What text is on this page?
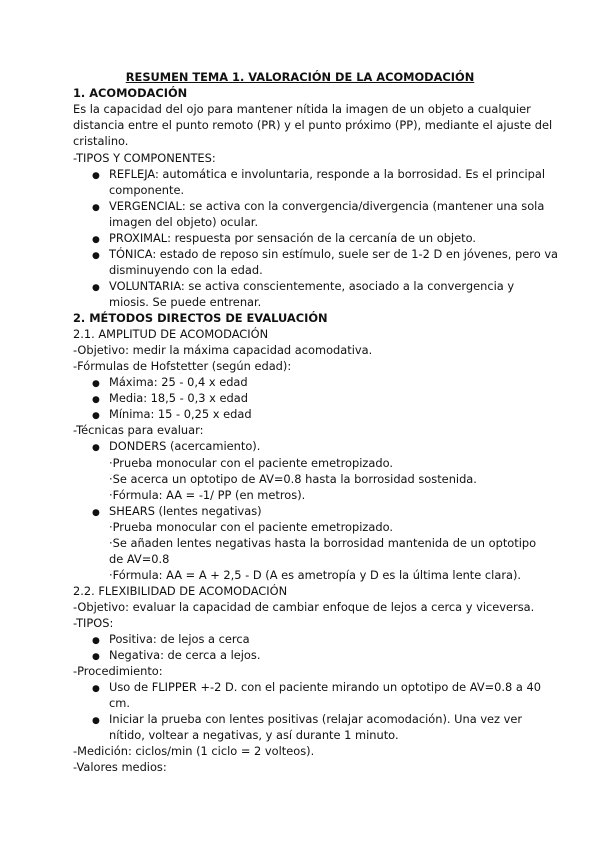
RESUMEN TEMA 1. VALORACIÓN DE LA ACOMODACIÓN
1. ACOMODACIÓN
Es la capacidad del ojo para mantener nítida la imagen de un objeto a cualquier
distancia entre el punto remoto (PR) y el punto próximo (PP), mediante el ajuste del
cristalino.
-TIPOS Y COMPONENTES:
● REFLEJA: automática e involuntaria, responde a la borrosidad. Es el principal
componente.
● VERGENCIAL: se activa con la convergencia/divergencia (mantener una sola
imagen del objeto) ocular.
● PROXIMAL: respuesta por sensación de la cercanía de un objeto.
● TÓNICA: estado de reposo sin estímulo, suele ser de 1-2 D en jóvenes, pero va
disminuyendo con la edad.
● VOLUNTARIA: se activa conscientemente, asociado a la convergencia y
miosis. Se puede entrenar.
2. MÉTODOS DIRECTOS DE EVALUACIÓN
2.1. AMPLITUD DE ACOMODACIÓN
-Objetivo: medir la máxima capacidad acomodativa.
-Fórmulas de Hofstetter (según edad):
● Máxima: 25 - 0,4 x edad
● Media: 18,5 - 0,3 x edad
● Mínima: 15 - 0,25 x edad
-Técnicas para evaluar:
● DONDERS (acercamiento).
·Prueba monocular con el paciente emetropizado.
·Se acerca un optotipo de AV=0.8 hasta la borrosidad sostenida.
·Fórmula: AA = -1/ PP (en metros).
● SHEARS (lentes negativas)
·Prueba monocular con el paciente emetropizado.
·Se añaden lentes negativas hasta la borrosidad mantenida de un optotipo
de AV=0.8
·Fórmula: AA = A + 2,5 - D (A es ametropía y D es la última lente clara).
2.2. FLEXIBILIDAD DE ACOMODACIÓN
-Objetivo: evaluar la capacidad de cambiar enfoque de lejos a cerca y viceversa.
-TIPOS:
● Positiva: de lejos a cerca
● Negativa: de cerca a lejos.
-Procedimiento:
● Uso de FLIPPER +-2 D. con el paciente mirando un optotipo de AV=0.8 a 40
cm.
● Iniciar la prueba con lentes positivas (relajar acomodación). Una vez ver
nítido, voltear a negativas, y así durante 1 minuto.
-Medición: ciclos/min (1 ciclo = 2 volteos).
-Valores medios:
